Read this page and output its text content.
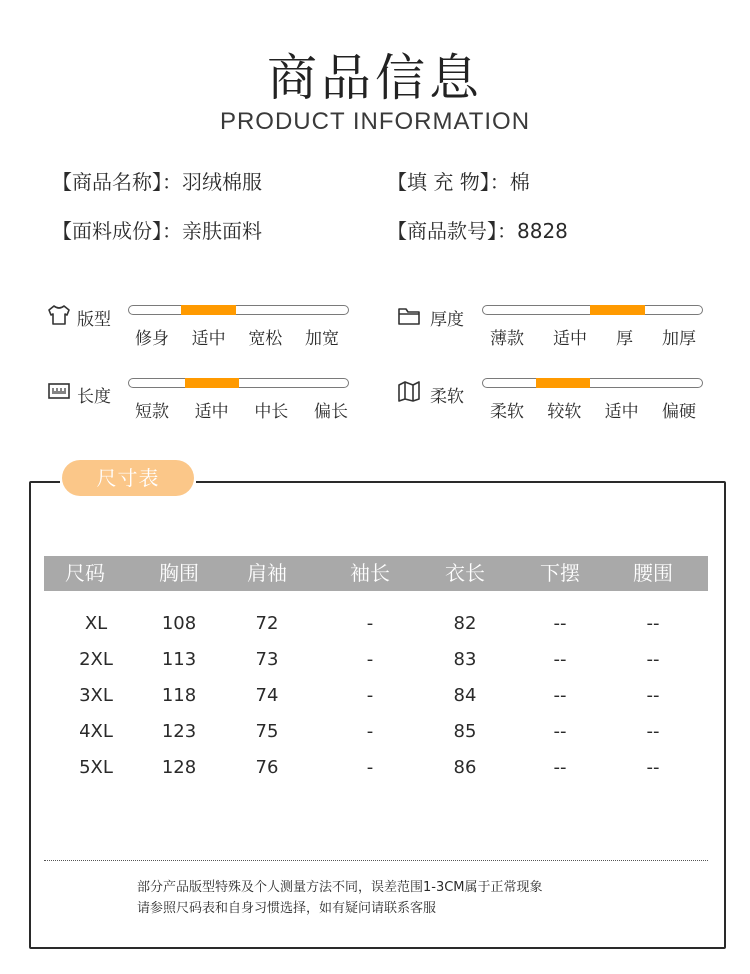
商品信息
PRODUCT INFORMATION
【商品名称】：羽绒棉服	【填 充 物】：棉
【面料成份】：亲肤面料	【商品款号】：8828
版型
修身 适中 宽松 加宽
厚度
薄款 适中 厚 加厚
长度
短款 适中 中长 偏长
柔软
柔软 较软 适中 偏硬
尺寸表
尺码	胸围	肩袖	袖长	衣长	下摆	腰围
XL	108	72	-	82	--	--
2XL	113	73	-	83	--	--
3XL	118	74	-	84	--	--
4XL	123	75	-	85	--	--
5XL	128	76	-	86	--	--
部分产品版型特殊及个人测量方法不同，误差范围1-3CM属于正常现象
请参照尺码表和自身习惯选择，如有疑问请联系客服
